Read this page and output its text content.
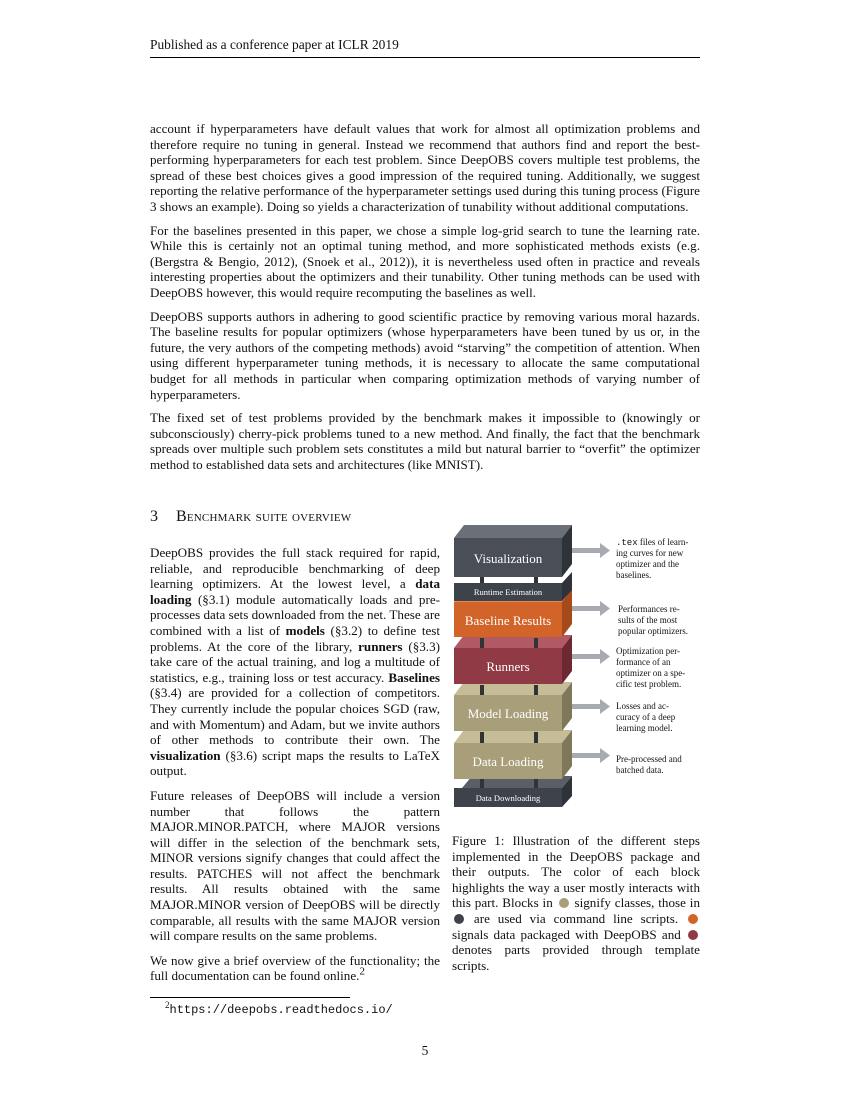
Published as a conference paper at ICLR 2019

account if hyperparameters have default values that work for almost all optimization problems and therefore require no tuning in general. Instead we recommend that authors find and report the best-performing hyperparameters for each test problem. Since DeepOBS covers multiple test problems, the spread of these best choices gives a good impression of the required tuning. Additionally, we suggest reporting the relative performance of the hyperparameter settings used during this tuning process (Figure 3 shows an example). Doing so yields a characterization of tunability without additional computations.

For the baselines presented in this paper, we chose a simple log-grid search to tune the learning rate. While this is certainly not an optimal tuning method, and more sophisticated methods exists (e.g. (Bergstra & Bengio, 2012), (Snoek et al., 2012)), it is nevertheless used often in practice and reveals interesting properties about the optimizers and their tunability. Other tuning methods can be used with DeepOBS however, this would require recomputing the baselines as well.

DeepOBS supports authors in adhering to good scientific practice by removing various moral hazards. The baseline results for popular optimizers (whose hyperparameters have been tuned by us or, in the future, the very authors of the competing methods) avoid “starving” the competition of attention. When using different hyperparameter tuning methods, it is necessary to allocate the same computational budget for all methods in particular when comparing optimization methods of varying number of hyperparameters.

The fixed set of test problems provided by the benchmark makes it impossible to (knowingly or subconsciously) cherry-pick problems tuned to a new method. And finally, the fact that the benchmark spreads over multiple such problem sets constitutes a mild but natural barrier to “overfit” the optimizer method to established data sets and architectures (like MNIST).

3 Benchmark suite overview

DeepOBS provides the full stack required for rapid, reliable, and reproducible benchmarking of deep learning optimizers. At the lowest level, a data loading (§3.1) module automatically loads and pre-processes data sets downloaded from the net. These are combined with a list of models (§3.2) to define test problems. At the core of the library, runners (§3.3) take care of the actual training, and log a multitude of statistics, e.g., training loss or test accuracy. Baselines (§3.4) are provided for a collection of competitors. They currently include the popular choices SGD (raw, and with Momentum) and Adam, but we invite authors of other methods to contribute their own. The visualization (§3.6) script maps the results to LaTeX output.

Future releases of DeepOBS will include a version number that follows the pattern MAJOR.MINOR.PATCH, where MAJOR versions will differ in the selection of the benchmark sets, MINOR versions signify changes that could affect the results. PATCHES will not affect the benchmark results. All results obtained with the same MAJOR.MINOR version of DeepOBS will be directly comparable, all results with the same MAJOR version will compare results on the same problems.

We now give a brief overview of the functionality; the full documentation can be found online.$^2$

Data Downloading
Data Loading
Model Loading
Runners
Baseline Results
Runtime Estimation
Visualization
.tex files of learn-
ing curves for new
optimizer and the
baselines.
Performances re-
sults of the most
popular optimizers.
Optimization per-
formance of an
optimizer on a spe-
cific test problem.
Losses and ac-
curacy of a deep
learning model.
Pre-processed and
batched data.
Figure 1: Illustration of the different steps implemented in the DeepOBS package and their outputs. The color of each block highlights the way a user mostly interacts with this part. Blocks in signify classes, those in  are used via command line scripts.  signals data packaged with DeepOBS and  denotes parts provided through template scripts.
$^2$https://deepobs.readthedocs.io/
5
